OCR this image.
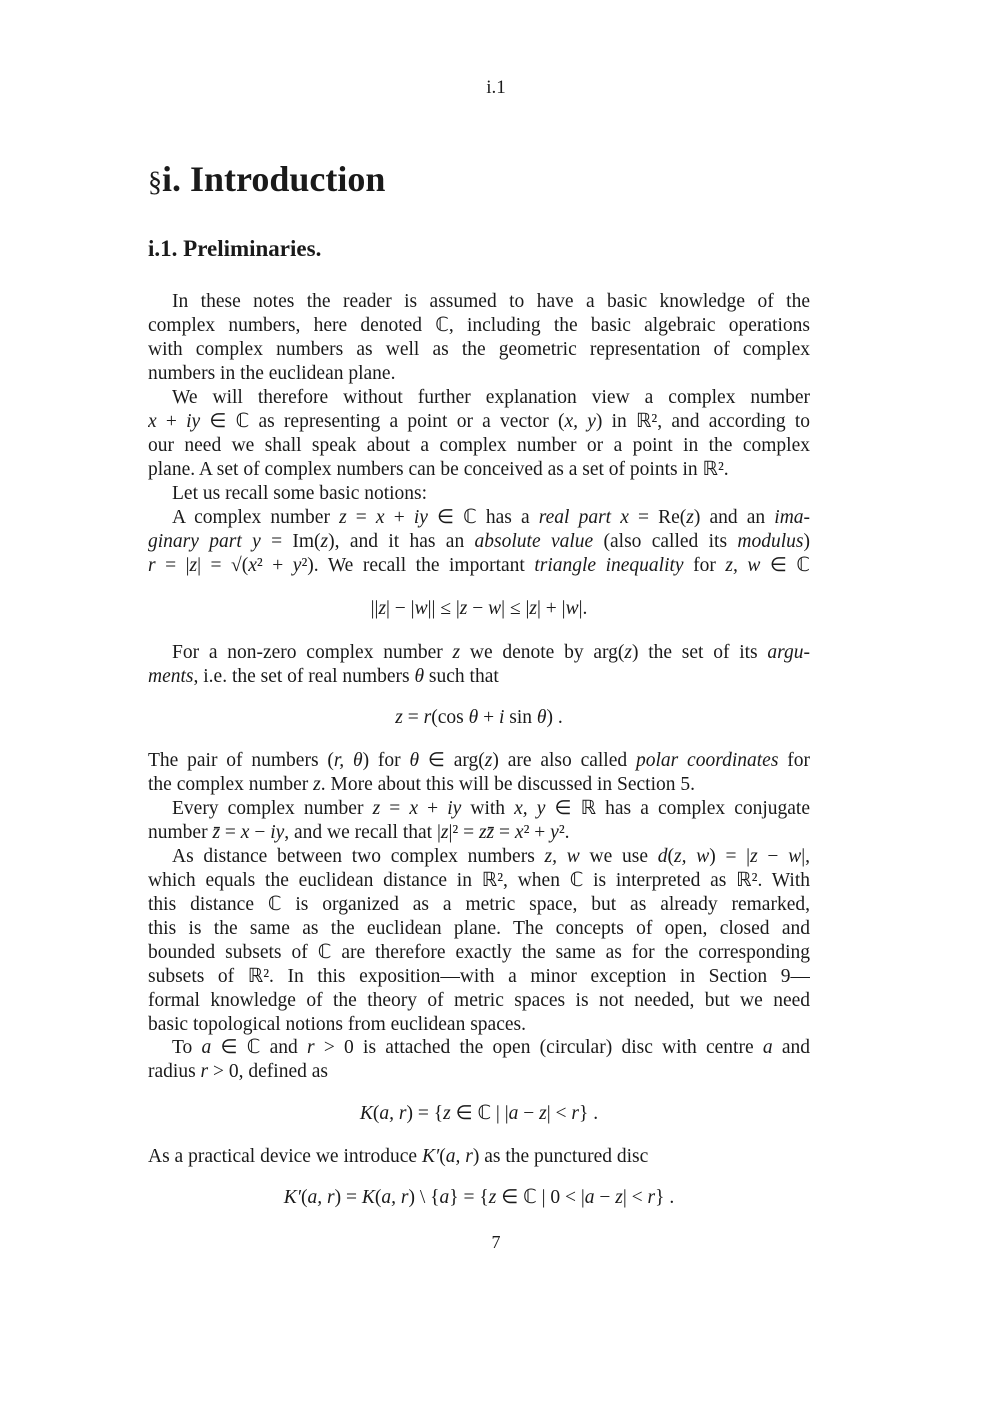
i.1
§i. Introduction
i.1. Preliminaries.
In these notes the reader is assumed to have a basic knowledge of the
complex numbers, here denoted ℂ, including the basic algebraic operations
with complex numbers as well as the geometric representation of complex
numbers in the euclidean plane.
We will therefore without further explanation view a complex number
x + iy ∈ ℂ as representing a point or a vector (x, y) in ℝ², and according to
our need we shall speak about a complex number or a point in the complex
plane. A set of complex numbers can be conceived as a set of points in ℝ².
Let us recall some basic notions:
A complex number z = x + iy ∈ ℂ has a real part x = Re(z) and an ima-
ginary part y = Im(z), and it has an absolute value (also called its modulus)
r = |z| = √(x² + y²). We recall the important triangle inequality for z, w ∈ ℂ
||z| − |w|| ≤ |z − w| ≤ |z| + |w|.
For a non-zero complex number z we denote by arg(z) the set of its argu-
ments, i.e. the set of real numbers θ such that
z = r(cos θ + i sin θ) .
The pair of numbers (r, θ) for θ ∈ arg(z) are also called polar coordinates for
the complex number z. More about this will be discussed in Section 5.
Every complex number z = x + iy with x, y ∈ ℝ has a complex conjugate
number z̄ = x − iy, and we recall that |z|² = zz̄ = x² + y².
As distance between two complex numbers z, w we use d(z, w) = |z − w|,
which equals the euclidean distance in ℝ², when ℂ is interpreted as ℝ². With
this distance ℂ is organized as a metric space, but as already remarked,
this is the same as the euclidean plane. The concepts of open, closed and
bounded subsets of ℂ are therefore exactly the same as for the corresponding
subsets of ℝ². In this exposition—with a minor exception in Section 9—
formal knowledge of the theory of metric spaces is not needed, but we need
basic topological notions from euclidean spaces.
To a ∈ ℂ and r > 0 is attached the open (circular) disc with centre a and
radius r > 0, defined as
K(a, r) = {z ∈ ℂ | |a − z| < r} .
As a practical device we introduce K′(a, r) as the punctured disc
K′(a, r) = K(a, r) \ {a} = {z ∈ ℂ | 0 < |a − z| < r} .
7
